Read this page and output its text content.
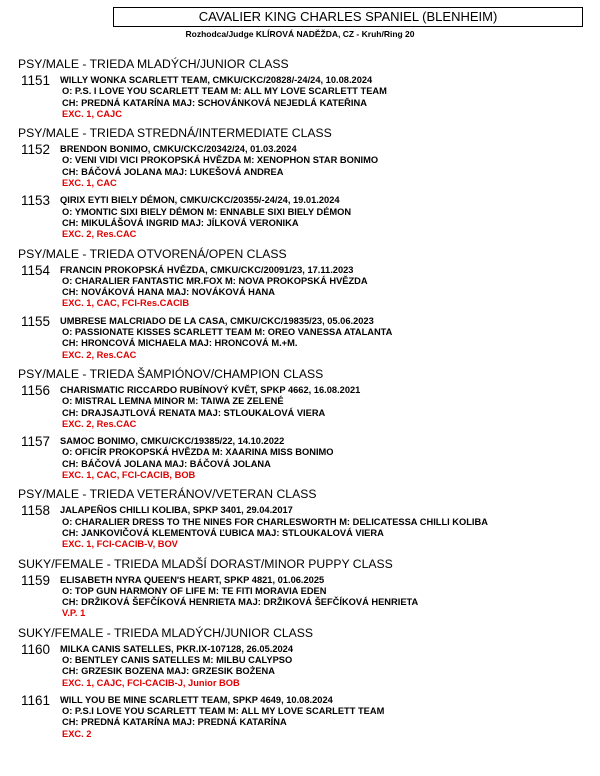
CAVALIER KING CHARLES SPANIEL (BLENHEIM)
Rozhodca/Judge KLÍROVÁ NADĚŽDA, CZ - Kruh/Ring 20
PSY/MALE - TRIEDA MLADÝCH/JUNIOR CLASS
1151 WILLY WONKA SCARLETT TEAM, CMKU/CKC/20828/-24/24, 10.08.2024
O: P.S. I LOVE YOU SCARLETT TEAM M: ALL MY LOVE SCARLETT TEAM
CH: PREDNÁ KATARÍNA MAJ: SCHOVÁNKOVÁ NEJEDLÁ KATEŘINA
EXC. 1, CAJC
PSY/MALE - TRIEDA STREDNÁ/INTERMEDIATE CLASS
1152 BRENDON BONIMO, CMKU/CKC/20342/24, 01.03.2024
O: VENI VIDI VICI PROKOPSKÁ HVĚZDA M: XENOPHON STAR BONIMO
CH: BÁČOVÁ JOLANA MAJ: LUKEŠOVÁ ANDREA
EXC. 1, CAC
1153 QIRIX EYTI BIELY DÉMON, CMKU/CKC/20355/-24/24, 19.01.2024
O: YMONTIC SIXI BIELY DÉMON M: ENNABLE SIXI BIELY DÉMON
CH: MIKULÁŠOVÁ INGRID MAJ: JÍLKOVÁ VERONIKA
EXC. 2, Res.CAC
PSY/MALE - TRIEDA OTVORENÁ/OPEN CLASS
1154 FRANCIN PROKOPSKÁ HVĚZDA, CMKU/CKC/20091/23, 17.11.2023
O: CHARALIER FANTASTIC MR.FOX M: NOVA PROKOPSKÁ HVĚZDA
CH: NOVÁKOVÁ HANA MAJ: NOVÁKOVÁ HANA
EXC. 1, CAC, FCI-Res.CACIB
1155 UMBRESE MALCRIADO DE LA CASA, CMKU/CKC/19835/23, 05.06.2023
O: PASSIONATE KISSES SCARLETT TEAM M: OREO VANESSA ATALANTA
CH: HRONCOVÁ MICHAELA MAJ: HRONCOVÁ M.+M.
EXC. 2, Res.CAC
PSY/MALE - TRIEDA ŠAMPIÓNOV/CHAMPION CLASS
1156 CHARISMATIC RICCARDO RUBÍNOVÝ KVĚT, SPKP 4662, 16.08.2021
O: MISTRAL LEMNA MINOR M: TAIWA ZE ZELENÉ
CH: DRAJSAJTLOVÁ RENATA MAJ: STLOUKALOVÁ VIERA
EXC. 2, Res.CAC
1157 SAMOC BONIMO, CMKU/CKC/19385/22, 14.10.2022
O: OFICÍR PROKOPSKÁ HVĚZDA M: XAARINA MISS BONIMO
CH: BÁČOVÁ JOLANA MAJ: BÁČOVÁ JOLANA
EXC. 1, CAC, FCI-CACIB, BOB
PSY/MALE - TRIEDA VETERÁNOV/VETERAN CLASS
1158 JALAPEÑOS CHILLI KOLIBA, SPKP 3401, 29.04.2017
O: CHARALIER DRESS TO THE NINES FOR CHARLESWORTH M: DELICATESSA CHILLI KOLIBA
CH: JANKOVIČOVÁ KLEMENTOVÁ ĽUBICA MAJ: STLOUKALOVÁ VIERA
EXC. 1, FCI-CACIB-V, BOV
SUKY/FEMALE - TRIEDA MLADŠÍ DORAST/MINOR PUPPY CLASS
1159 ELISABETH NYRA QUEEN'S HEART, SPKP 4821, 01.06.2025
O: TOP GUN HARMONY OF LIFE M: TE FITI MORAVIA EDEN
CH: DRŽIKOVÁ ŠEFČÍKOVÁ HENRIETA MAJ: DRŽIKOVÁ ŠEFČÍKOVÁ HENRIETA
V.P. 1
SUKY/FEMALE - TRIEDA MLADÝCH/JUNIOR CLASS
1160 MILKA CANIS SATELLES, PKR.IX-107128, 26.05.2024
O: BENTLEY CANIS SATELLES M: MILBU CALYPSO
CH: GRZESIK BOZENA MAJ: GRZESIK BOŻENA
EXC. 1, CAJC, FCI-CACIB-J, Junior BOB
1161 WILL YOU BE MINE SCARLETT TEAM, SPKP 4649, 10.08.2024
O: P.S.I LOVE YOU SCARLETT TEAM M: ALL MY LOVE SCARLETT TEAM
CH: PREDNÁ KATARÍNA MAJ: PREDNÁ KATARÍNA
EXC. 2
